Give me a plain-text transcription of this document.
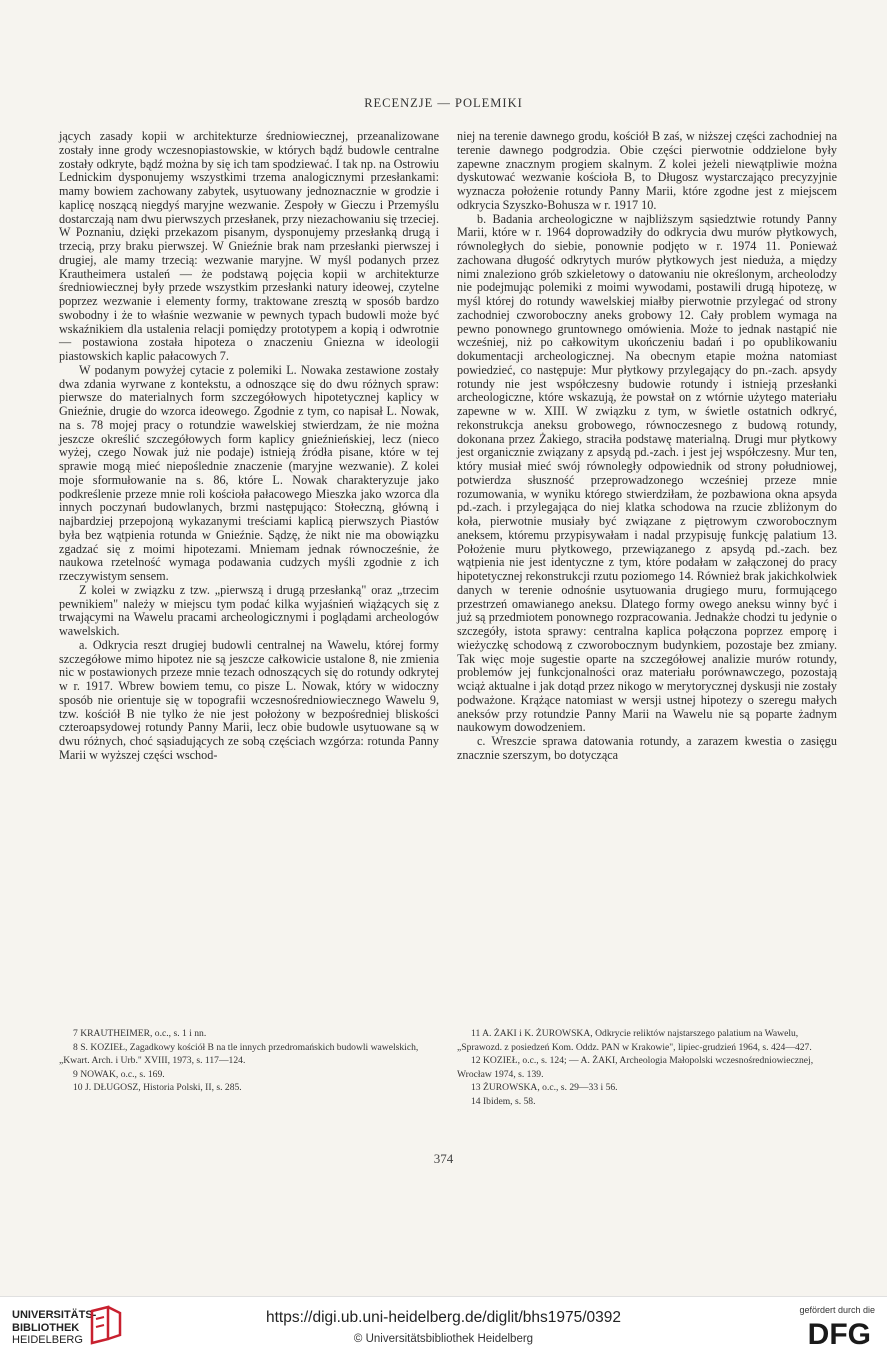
RECENZJE — POLEMIKI

jących zasady kopii w architekturze średniowiecznej, przeanalizowane zostały inne grody wczesnopiastowskie, w których bądź budowle centralne zostały odkryte, bądź można by się ich tam spodziewać. I tak np. na Ostrowiu Lednickim dysponujemy wszystkimi trzema analogicznymi przesłankami: mamy bowiem zachowany zabytek, usytuowany jednoznacznie w grodzie i kaplicę noszącą niegdyś maryjne wezwanie. Zespoły w Gieczu i Przemyślu dostarczają nam dwu pierwszych przesłanek, przy niezachowaniu się trzeciej. W Poznaniu, dzięki przekazom pisanym, dysponujemy przesłanką drugą i trzecią, przy braku pierwszej. W Gnieźnie brak nam przesłanki pierwszej i drugiej, ale mamy trzecią: wezwanie maryjne. W myśl podanych przez Krautheimera ustaleń — że podstawą pojęcia kopii w architekturze średniowiecznej były przede wszystkim przesłanki natury ideowej, czytelne poprzez wezwanie i elementy formy, traktowane zresztą w sposób bardzo swobodny i że to właśnie wezwanie w pewnych typach budowli może być wskaźnikiem dla ustalenia relacji pomiędzy prototypem a kopią i odwrotnie — postawiona została hipoteza o znaczeniu Gniezna w ideologii piastowskich kaplic pałacowych 7.

W podanym powyżej cytacie z polemiki L. Nowaka zestawione zostały dwa zdania wyrwane z kontekstu, a odnoszące się do dwu różnych spraw: pierwsze do materialnych form szczegółowych hipotetycznej kaplicy w Gnieźnie, drugie do wzorca ideowego. Zgodnie z tym, co napisał L. Nowak, na s. 78 mojej pracy o rotundzie wawelskiej stwierdzam, że nie można jeszcze określić szczegółowych form kaplicy gnieźnieńskiej, lecz (nieco wyżej, czego Nowak już nie podaje) istnieją źródła pisane, które w tej sprawie mogą mieć niepoślednie znaczenie (maryjne wezwanie). Z kolei moje sformułowanie na s. 86, które L. Nowak charakteryzuje jako podkreślenie przeze mnie roli kościoła pałacowego Mieszka jako wzorca dla innych poczynań budowlanych, brzmi następująco: Stołeczną, główną i najbardziej przepojoną wykazanymi treściami kaplicą pierwszych Piastów była bez wątpienia rotunda w Gnieźnie. Sądzę, że nikt nie ma obowiązku zgadzać się z moimi hipotezami. Mniemam jednak równocześnie, że naukowa rzetelność wymaga podawania cudzych myśli zgodnie z ich rzeczywistym sensem.

Z kolei w związku z tzw. „pierwszą i drugą przesłanką" oraz „trzecim pewnikiem" należy w miejscu tym podać kilka wyjaśnień wiążących się z trwającymi na Wawelu pracami archeologicznymi i poglądami archeologów wawelskich.

a. Odkrycia reszt drugiej budowli centralnej na Wawelu, której formy szczegółowe mimo hipotez nie są jeszcze całkowicie ustalone 8, nie zmienia nic w postawionych przeze mnie tezach odnoszących się do rotundy odkrytej w r. 1917. Wbrew bowiem temu, co pisze L. Nowak, który w widoczny sposób nie orientuje się w topografii wczesnośredniowiecznego Wawelu 9, tzw. kościół B nie tylko że nie jest położony w bezpośredniej bliskości czteroapsydowej rotundy Panny Marii, lecz obie budowle usytuowane są w dwu różnych, choć sąsiadujących ze sobą częściach wzgórza: rotunda Panny Marii w wyższej części wschod-

niej na terenie dawnego grodu, kościół B zaś, w niższej części zachodniej na terenie dawnego podgrodzia. Obie części pierwotnie oddzielone były zapewne znacznym progiem skalnym. Z kolei jeżeli niewątpliwie można dyskutować wezwanie kościoła B, to Długosz wystarczająco precyzyjnie wyznacza położenie rotundy Panny Marii, które zgodne jest z miejscem odkrycia Szyszko-Bohusza w r. 1917 10.

b. Badania archeologiczne w najbliższym sąsiedztwie rotundy Panny Marii, które w r. 1964 doprowadziły do odkrycia dwu murów płytkowych, równoległych do siebie, ponownie podjęto w r. 1974 11. Ponieważ zachowana długość odkrytych murów płytkowych jest nieduża, a między nimi znaleziono grób szkieletowy o datowaniu nie określonym, archeolodzy nie podejmując polemiki z moimi wywodami, postawili drugą hipotezę, w myśl której do rotundy wawelskiej miałby pierwotnie przylegać od strony zachodniej czworoboczny aneks grobowy 12. Cały problem wymaga na pewno ponownego gruntownego omówienia. Może to jednak nastąpić nie wcześniej, niż po całkowitym ukończeniu badań i po opublikowaniu dokumentacji archeologicznej. Na obecnym etapie można natomiast powiedzieć, co następuje: Mur płytkowy przylegający do pn.-zach. apsydy rotundy nie jest współczesny budowie rotundy i istnieją przesłanki archeologiczne, które wskazują, że powstał on z wtórnie użytego materiału zapewne w w. XIII. W związku z tym, w świetle ostatnich odkryć, rekonstrukcja aneksu grobowego, równoczesnego z budową rotundy, dokonana przez Żakiego, straciła podstawę materialną. Drugi mur płytkowy jest organicznie związany z apsydą pd.-zach. i jest jej współczesny. Mur ten, który musiał mieć swój równoległy odpowiednik od strony południowej, potwierdza słuszność przeprowadzonego wcześniej przeze mnie rozumowania, w wyniku którego stwierdziłam, że pozbawiona okna apsyda pd.-zach. i przylegająca do niej klatka schodowa na rzucie zbliżonym do koła, pierwotnie musiały być związane z piętrowym czworobocznym aneksem, któremu przypisywałam i nadal przypisuję funkcję palatium 13. Położenie muru płytkowego, przewiązanego z apsydą pd.-zach. bez wątpienia nie jest identyczne z tym, które podałam w załączonej do pracy hipotetycznej rekonstrukcji rzutu poziomego 14. Również brak jakichkolwiek danych w terenie odnośnie usytuowania drugiego muru, formującego przestrzeń omawianego aneksu. Dlatego formy owego aneksu winny być i już są przedmiotem ponownego rozpracowania. Jednakże chodzi tu jedynie o szczegóły, istota sprawy: centralna kaplica połączona poprzez emporę i wieżyczkę schodową z czworobocznym budynkiem, pozostaje bez zmiany. Tak więc moje sugestie oparte na szczegółowej analizie murów rotundy, problemów jej funkcjonalności oraz materiału porównawczego, pozostają wciąż aktualne i jak dotąd przez nikogo w merytorycznej dyskusji nie zostały podważone. Krążące natomiast w wersji ustnej hipotezy o szeregu małych aneksów przy rotundzie Panny Marii na Wawelu nie są poparte żadnym naukowym dowodzeniem.

c. Wreszcie sprawa datowania rotundy, a zarazem kwestia o zasięgu znacznie szerszym, bo dotycząca

7 KRAUTHEIMER, o.c., s. 1 i nn.

8 S. KOZIEŁ, Zagadkowy kościół B na tle innych przedromańskich budowli wawelskich, „Kwart. Arch. i Urb." XVIII, 1973, s. 117—124.

9 NOWAK, o.c., s. 169.

10 J. DŁUGOSZ, Historia Polski, II, s. 285.

11 A. ŻAKI i K. ŻUROWSKA, Odkrycie reliktów najstarszego palatium na Wawelu, „Sprawozd. z posiedzeń Kom. Oddz. PAN w Krakowie", lipiec-grudzień 1964, s. 424—427.

12 KOZIEŁ, o.c., s. 124; — A. ŻAKI, Archeologia Małopolski wczesnośredniowiecznej, Wrocław 1974, s. 139.

13 ŻUROWSKA, o.c., s. 29—33 i 56.

14 Ibidem, s. 58.

374
UNIVERSITÄTS-
BIBLIOTHEK
HEIDELBERG
https://digi.ub.uni-heidelberg.de/diglit/bhs1975/0392
© Universitätsbibliothek Heidelberg
gefördert durch die
DFG
